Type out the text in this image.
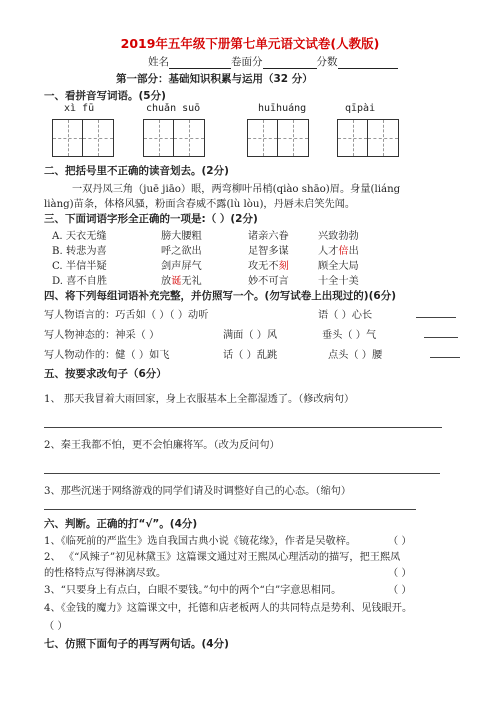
2019年五年级下册第七单元语文试卷(人教版)
姓名	卷面分	分数
第一部分：基础知识积累与运用（32 分）
一、看拼音写词语。(5分)
xì fū	chuǎn suō	huīhuáng	qīpài
二、把括号里不正确的读音划去。(2分)
一双丹凤三角（juē jiāo）眼，两弯柳叶吊梢(qiào shāo)眉。身量(liáng
liàng)苗条，体格风骚，粉面含春威不露(lù lòu)，丹唇未启笑先闻。
三、下面词语字形全正确的一项是:（ ）(2分)
A. 天衣无缝	膀大腰粗	诸亲六眷	兴致勃勃
B. 转悲为喜	呼之欲出	足智多谋	人才倍出
C. 半信半疑	剑声屏气	攻无不刻	顾全大局
D. 喜不自胜	放诞无礼	妙不可言	十全十美
四、将下列每组词语补充完整，并仿照写一个。(勿写试卷上出现过的)(6分)
写人物语言的：巧舌如（ ）（ ）动听	语（ ）心长
写人物神态的：神采（ ）	满面（ ）风	垂头（ ）气
写人物动作的：健（ ）如飞	话（ ）乱跳	点头（ ）腰
五、按要求改句子（6分）
1、 那天我冒着大雨回家，身上衣服基本上全都湿透了。（修改病句）
2、秦王我都不怕，更不会怕廉将军。（改为反问句）
3、那些沉迷于网络游戏的同学们请及时调整好自己的心态。（缩句）
六、判断。正确的打“√”。(4分)
1、《临死前的严监生》选自我国古典小说《镜花缘》，作者是吴敬梓。	（ ）
2、 《“风辣子”初见林黛玉》这篇课文通过对王熙凤心理活动的描写，把王熙凤
的性格特点写得淋漓尽致。	（ ）
3、“只要身上有点白，白眼不要钱。”句中的两个“白”字意思相同。	（ ）
4、《金钱的魔力》这篇课文中，托德和店老板两人的共同特点是势利、见钱眼开。
（ ）
七、仿照下面句子的再写两句话。(4分)
